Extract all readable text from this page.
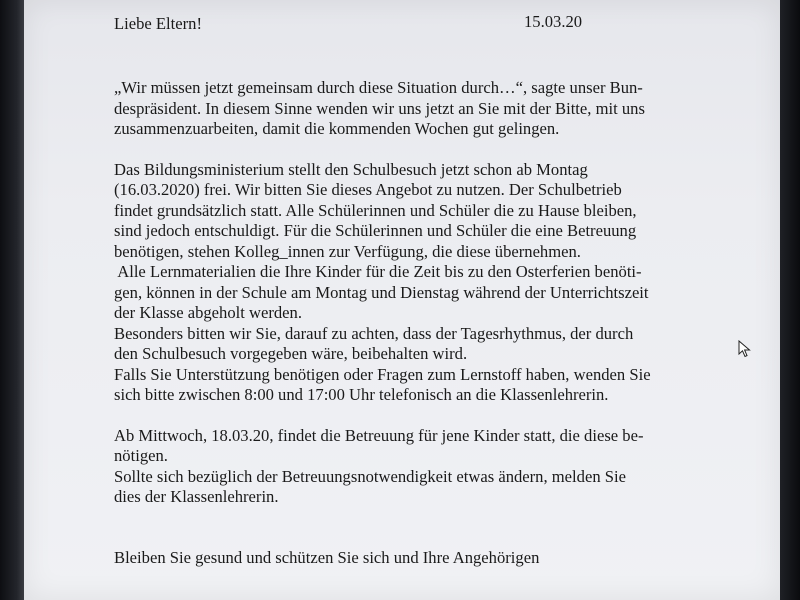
Liebe Eltern!	15.03.20

„Wir müssen jetzt gemeinsam durch diese Situation durch…“, sagte unser Bun-
despräsident. In diesem Sinne wenden wir uns jetzt an Sie mit der Bitte, mit uns
zusammenzuarbeiten, damit die kommenden Wochen gut gelingen.
Das Bildungsministerium stellt den Schulbesuch jetzt schon ab Montag
(16.03.2020) frei. Wir bitten Sie dieses Angebot zu nutzen. Der Schulbetrieb
findet grundsätzlich statt. Alle Schülerinnen und Schüler die zu Hause bleiben,
sind jedoch entschuldigt. Für die Schülerinnen und Schüler die eine Betreuung
benötigen, stehen Kolleg_innen zur Verfügung, die diese übernehmen.
Alle Lernmaterialien die Ihre Kinder für die Zeit bis zu den Osterferien benöti-
gen, können in der Schule am Montag und Dienstag während der Unterrichtszeit
der Klasse abgeholt werden.
Besonders bitten wir Sie, darauf zu achten, dass der Tagesrhythmus, der durch
den Schulbesuch vorgegeben wäre, beibehalten wird.
Falls Sie Unterstützung benötigen oder Fragen zum Lernstoff haben, wenden Sie
sich bitte zwischen 8:00 und 17:00 Uhr telefonisch an die Klassenlehrerin.
Ab Mittwoch, 18.03.20, findet die Betreuung für jene Kinder statt, die diese be-
nötigen.
Sollte sich bezüglich der Betreuungsnotwendigkeit etwas ändern, melden Sie
dies der Klassenlehrerin.
Bleiben Sie gesund und schützen Sie sich und Ihre Angehörigen
